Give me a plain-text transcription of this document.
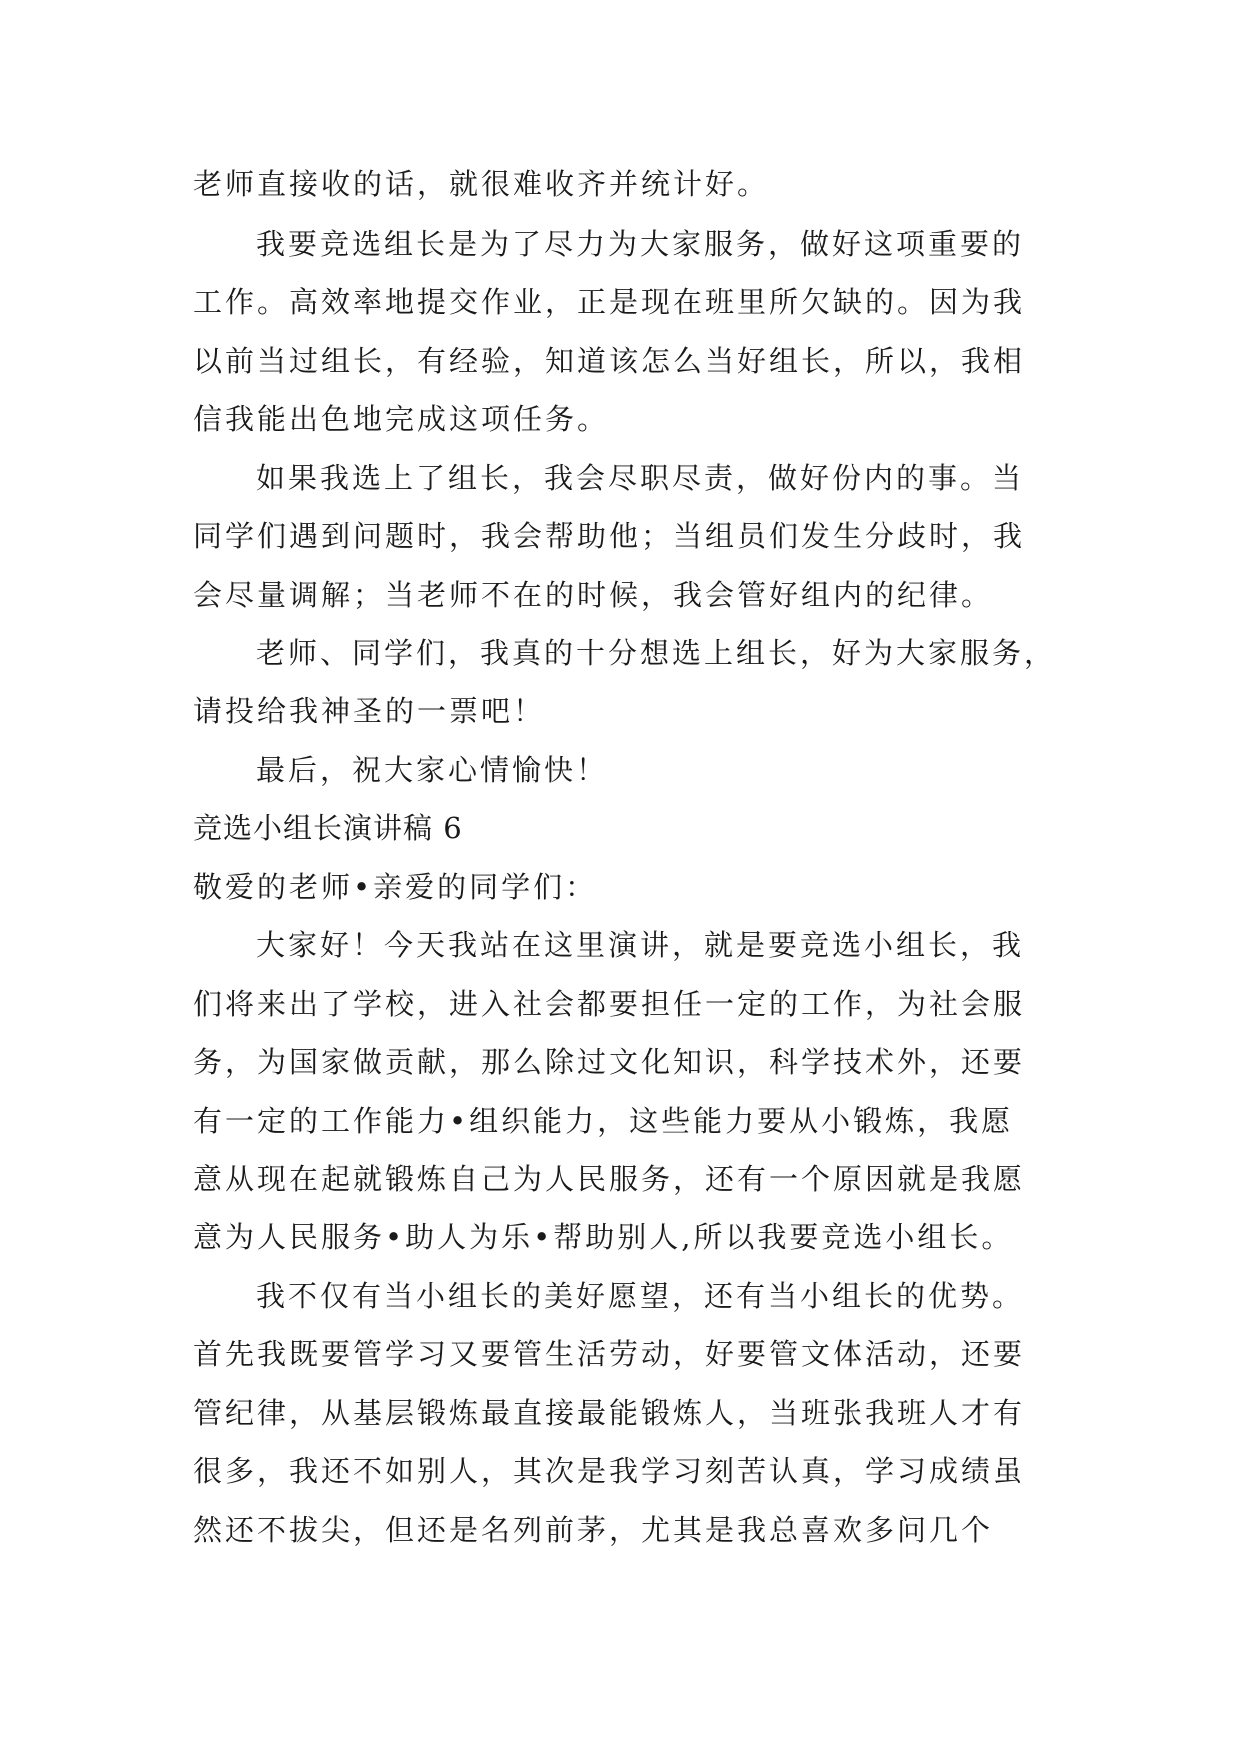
老师直接收的话，就很难收齐并统计好。
我要竞选组长是为了尽力为大家服务，做好这项重要的
工作。高效率地提交作业，正是现在班里所欠缺的。因为我
以前当过组长，有经验，知道该怎么当好组长，所以，我相
信我能出色地完成这项任务。
如果我选上了组长，我会尽职尽责，做好份内的事。当
同学们遇到问题时，我会帮助他；当组员们发生分歧时，我
会尽量调解；当老师不在的时候，我会管好组内的纪律。
老师、同学们，我真的十分想选上组长，好为大家服务，
请投给我神圣的一票吧！
最后，祝大家心情愉快！
竞选小组长演讲稿 6
敬爱的老师•亲爱的同学们：
大家好！今天我站在这里演讲，就是要竞选小组长，我
们将来出了学校，进入社会都要担任一定的工作，为社会服
务，为国家做贡献，那么除过文化知识，科学技术外，还要
有一定的工作能力•组织能力，这些能力要从小锻炼，我愿
意从现在起就锻炼自己为人民服务，还有一个原因就是我愿
意为人民服务•助人为乐•帮助别人,所以我要竞选小组长。
我不仅有当小组长的美好愿望，还有当小组长的优势。
首先我既要管学习又要管生活劳动，好要管文体活动，还要
管纪律，从基层锻炼最直接最能锻炼人，当班张我班人才有
很多，我还不如别人，其次是我学习刻苦认真，学习成绩虽
然还不拔尖，但还是名列前茅，尤其是我总喜欢多问几个
